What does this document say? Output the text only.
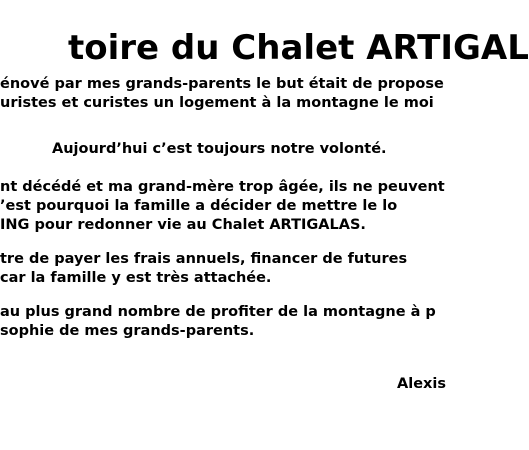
toire du Chalet ARTIGAL
énové par mes grands-parents le but était de propose
uristes et curistes un logement à la montagne le moi
Aujourd’hui c’est toujours notre volonté.
nt décédé et ma grand-mère trop âgée, ils ne peuvent
’est pourquoi la famille a décider de mettre le lo
ING pour redonner vie au Chalet ARTIGALAS.
tre de payer les frais annuels, financer de futures
car la famille y est très attachée.
au plus grand nombre de profiter de la montagne à p
sophie de mes grands-parents.
Alexis
